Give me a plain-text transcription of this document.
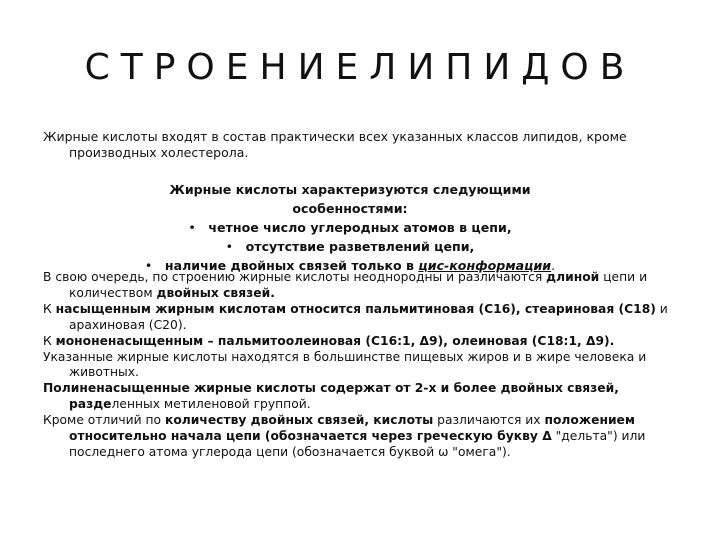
СТРОЕНИЕЛИПИДОВ

Жирные кислоты входят в состав практически всех указанных классов липидов, кроме производных холестерола.

Жирные кислоты характеризуются следующими особенностями:

• четное число углеродных атомов в цепи,
• отсутствие разветвлений цепи,
• наличие двойных связей только в цис-конформации.

В свою очередь, по строению жирные кислоты неоднородны и различаются длиной цепи и количеством двойных связей.

К насыщенным жирным кислотам относится пальмитиновая (С16), стеариновая (С18) и арахиновая (С20).

К мононенасыщенным – пальмитоолеиновая (С16:1, Δ9), олеиновая (С18:1, Δ9).

Указанные жирные кислоты находятся в большинстве пищевых жиров и в жире человека и животных.

Полиненасыщенные жирные кислоты содержат от 2-х и более двойных связей, разделенных метиленовой группой.

Кроме отличий по количеству двойных связей, кислоты различаются их положением относительно начала цепи (обозначается через греческую букву Δ "дельта") или последнего атома углерода цепи (обозначается буквой ω "омега").
